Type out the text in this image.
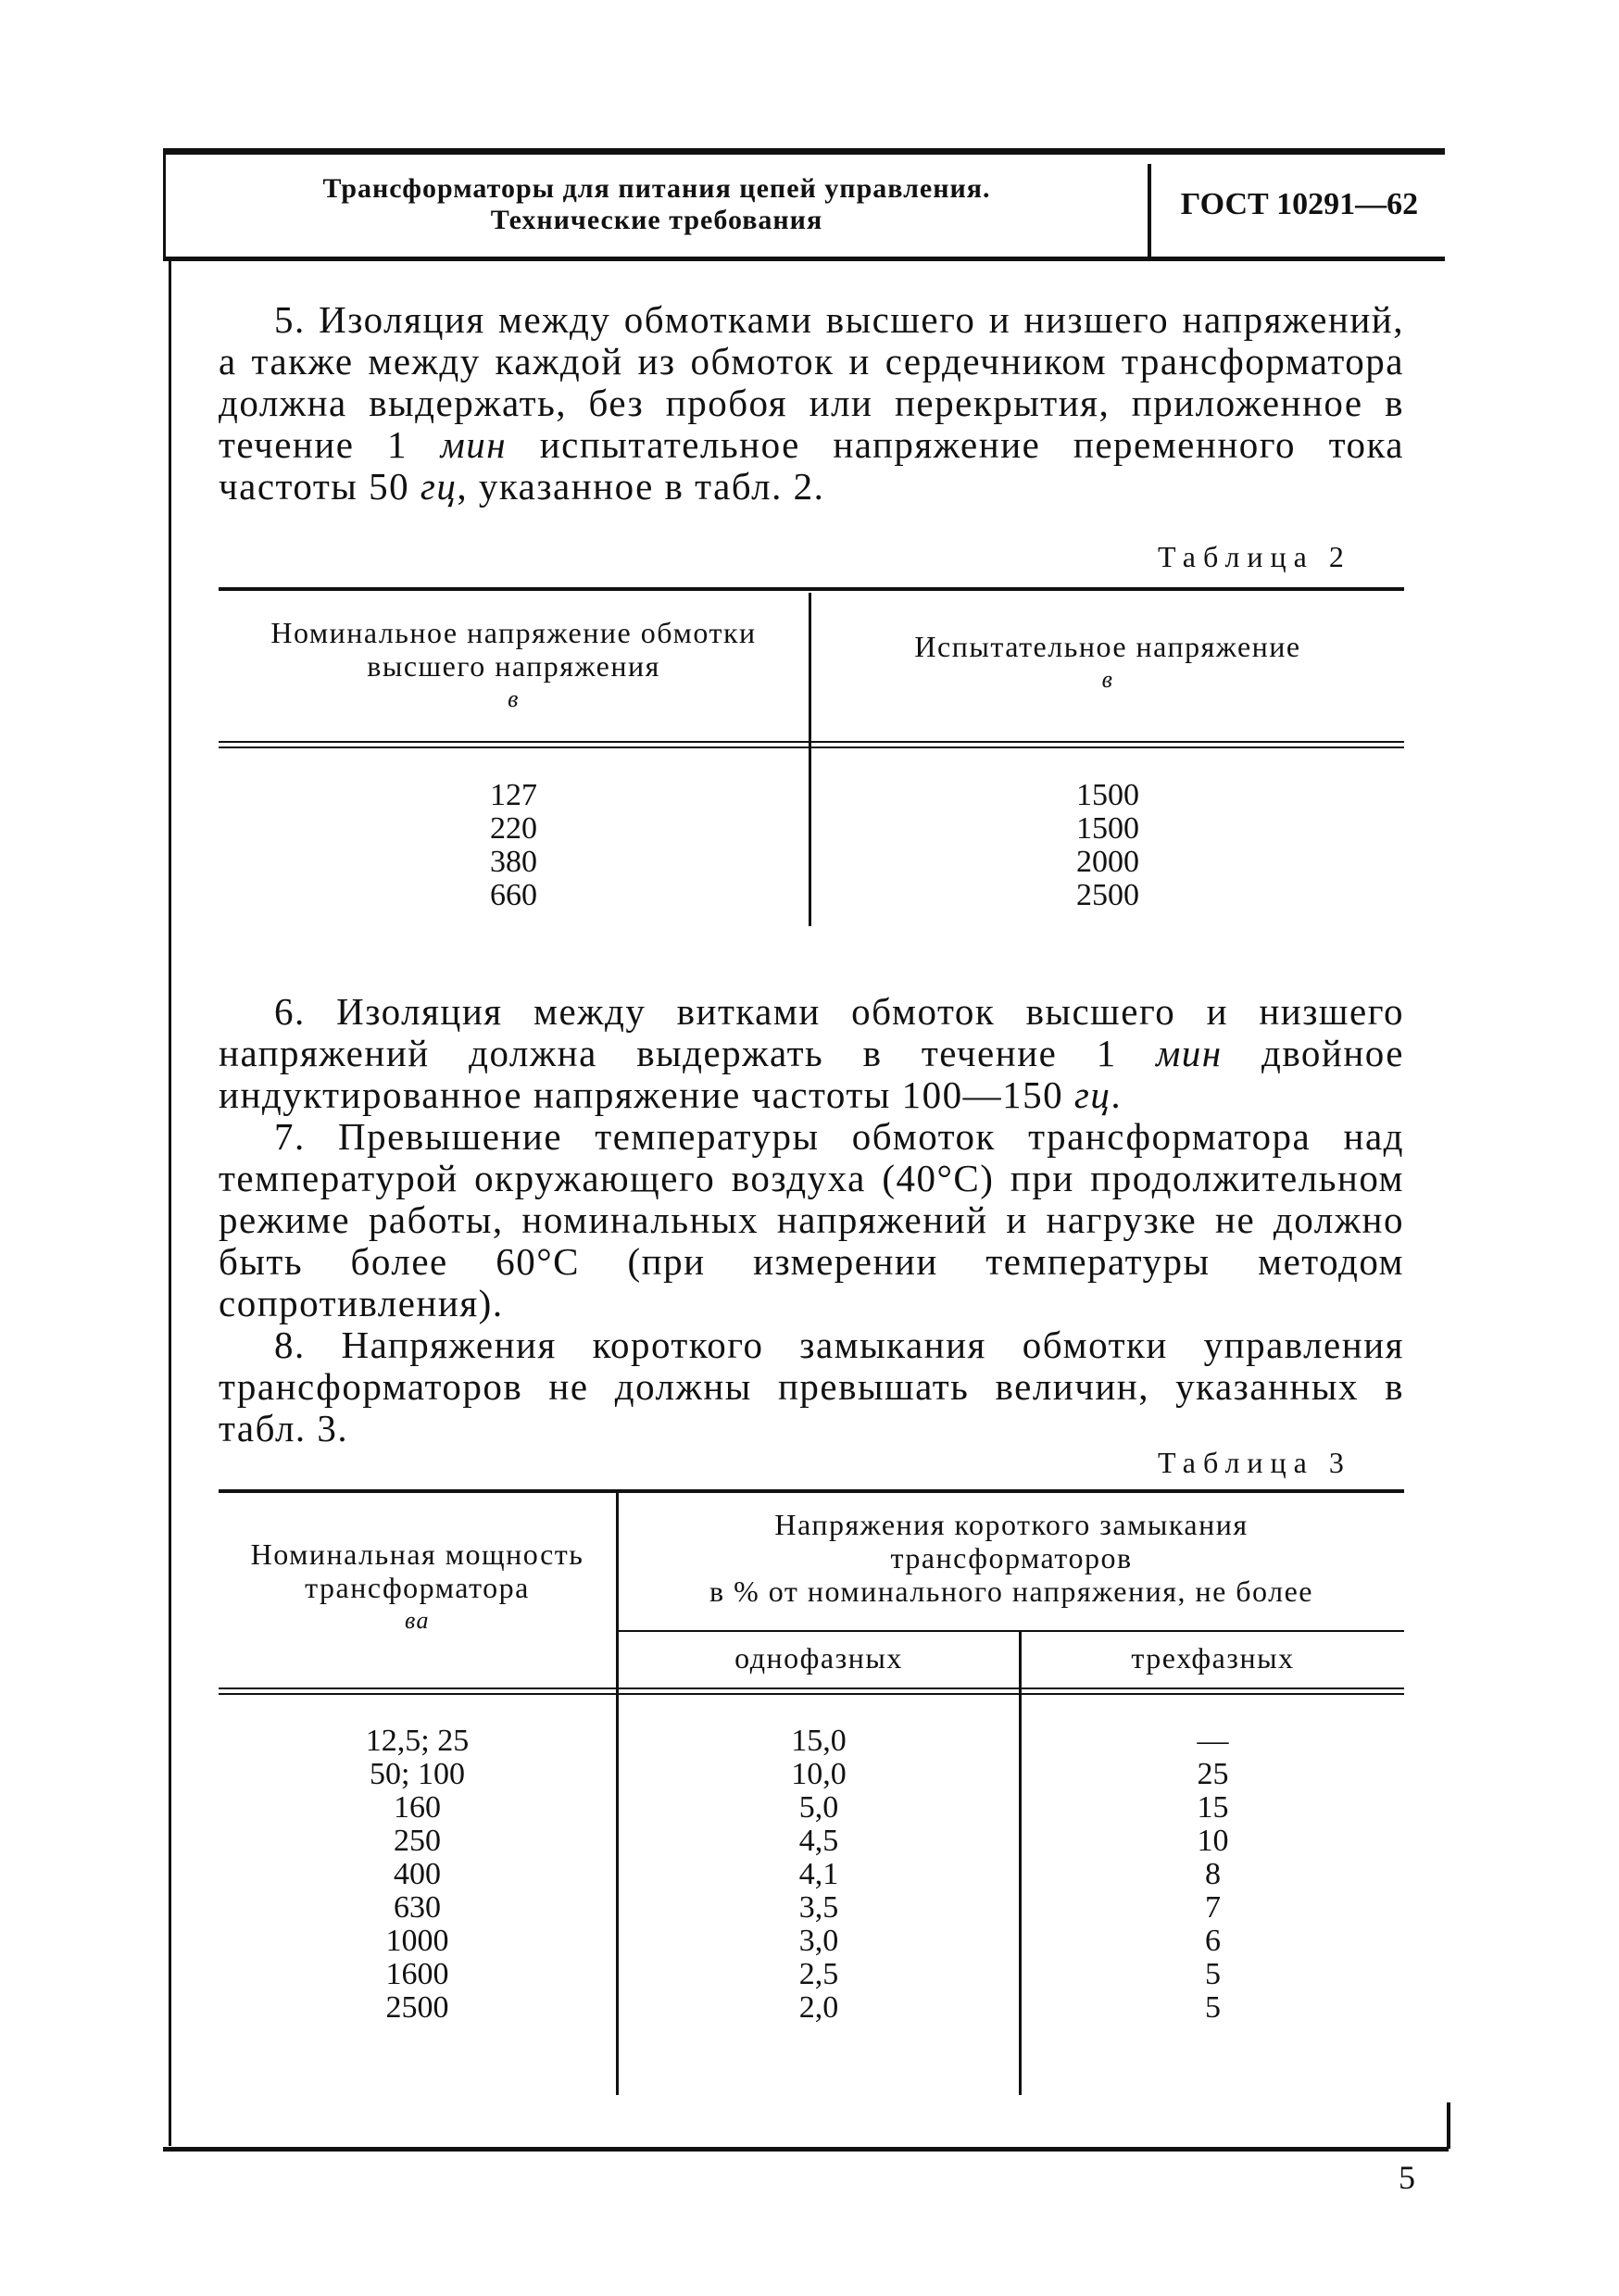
Трансформаторы для питания цепей управления.
Технические требования	ГОСТ 10291—62
5. Изоляция между обмотками высшего и низшего напряжений, а также между каждой из обмоток и сердечником трансформатора должна выдержать, без пробоя или перекрытия, приложенное в течение 1 мин испытательное напряжение переменного тока частоты 50 гц, указанное в табл. 2.
Таблица 2
Номинальное напряжение обмотки высшего напряжения
в
Испытательное напряжение
в
127
220
380
660
1500
1500
2000
2500
6. Изоляция между витками обмоток высшего и низшего напряжений должна выдержать в течение 1 мин двойное индуктированное напряжение частоты 100—150 гц.
7. Превышение температуры обмоток трансформатора над температурой окружающего воздуха (40°С) при продолжительном режиме работы, номинальных напряжений и нагрузке не должно быть более 60°С (при измерении температуры методом сопротивления).
8. Напряжения короткого замыкания обмотки управления трансформаторов не должны превышать величин, указанных в табл. 3.
Таблица 3
Номинальная мощность трансформатора
ва
Напряжения короткого замыкания
трансформаторов
в % от номинального напряжения, не более
однофазных	трехфазных
12,5; 25
50; 100
160
250
400
630
1000
1600
2500
15,0
10,0
5,0
4,5
4,1
3,5
3,0
2,5
2,0
—
25
15
10
8
7
6
5
5
5
